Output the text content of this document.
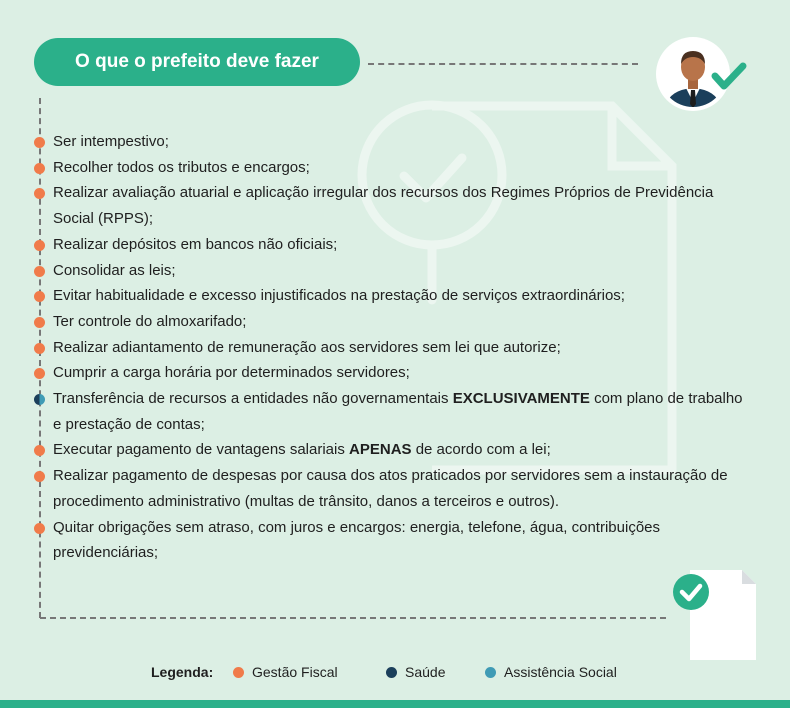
O que o prefeito deve fazer
Ser intempestivo;
Recolher todos os tributos e encargos;
Realizar avaliação atuarial e aplicação irregular dos recursos dos Regimes Próprios de Previdência Social (RPPS);
Realizar depósitos em bancos não oficiais;
Consolidar as leis;
Evitar habitualidade e excesso injustificados na prestação de serviços extraordinários;
Ter controle do almoxarifado;
Realizar adiantamento de remuneração aos servidores sem lei que autorize;
Cumprir a carga horária por determinados servidores;
Transferência de recursos a entidades não governamentais EXCLUSIVAMENTE com plano de trabalho e prestação de contas;
Executar pagamento de vantagens salariais APENAS de acordo com a lei;
Realizar pagamento de despesas por causa dos atos praticados por servidores sem a instauração de procedimento administrativo (multas de trânsito, danos a terceiros e outros).
Quitar obrigações sem atraso, com juros e encargos: energia, telefone, água, contribuições previdenciárias;
Legenda:	Gestão Fiscal	Saúde	Assistência Social
